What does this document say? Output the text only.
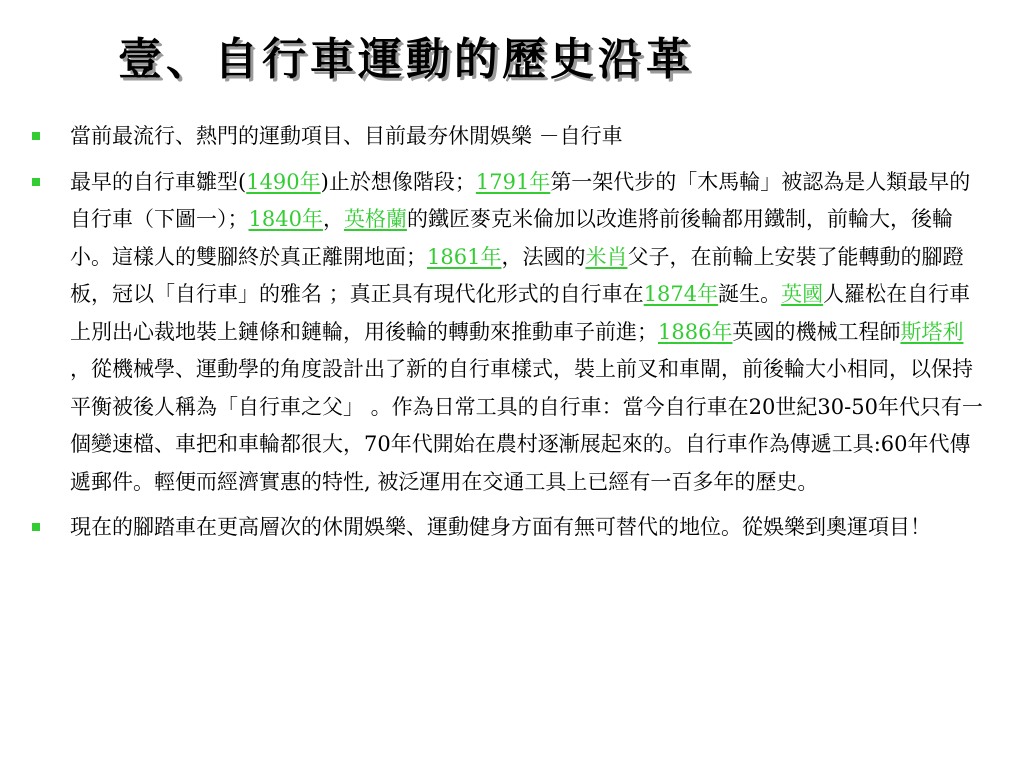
壹、自行車運動的歷史沿革
當前最流行、熱門的運動項目、目前最夯休閒娛樂 －自行車
最早的自行車雛型(1490年)止於想像階段；1791年第一架代步的「木馬輪」被認為是人類最早的自行車（下圖一）；1840年，英格蘭的鐵匠麥克米倫加以改進將前後輪都用鐵制，前輪大，後輪小。這樣人的雙腳終於真正離開地面；1861年，法國的米肖父子，在前輪上安裝了能轉動的腳蹬板，冠以「自行車」的雅名 ；真正具有現代化形式的自行車在1874年誕生。英國人羅松在自行車上別出心裁地裝上鏈條和鏈輪，用後輪的轉動來推動車子前進；1886年英國的機械工程師斯塔利 ，從機械學、運動學的角度設計出了新的自行車樣式，裝上前叉和車閘，前後輪大小相同，以保持平衡被後人稱為「自行車之父」 。作為日常工具的自行車：當今自行車在20世紀30-50年代只有一個變速檔、車把和車輪都很大，70年代開始在農村逐漸展起來的。自行車作為傳遞工具:60年代傳遞郵件。輕便而經濟實惠的特性, 被泛運用在交通工具上已經有一百多年的歷史。
現在的腳踏車在更高層次的休閒娛樂、運動健身方面有無可替代的地位。從娛樂到奧運項目！
